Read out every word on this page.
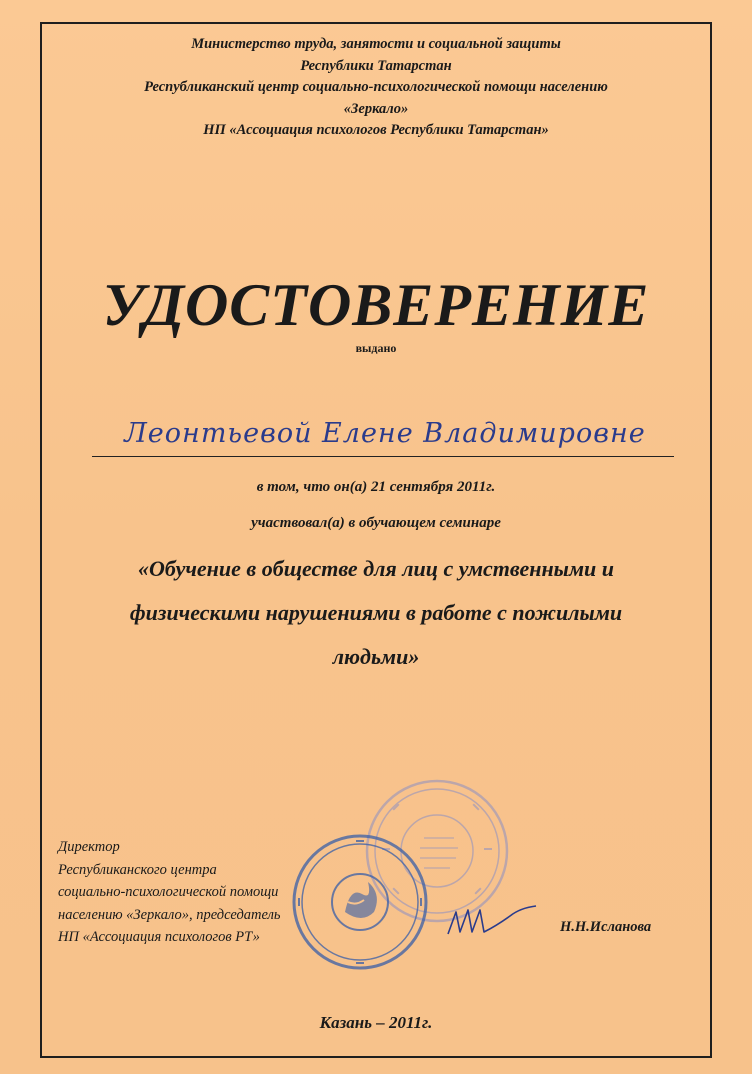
Министерство труда, занятости и социальной защиты
Республики Татарстан
Республиканский центр социально-психологической помощи населению
«Зеркало»
НП «Ассоциация психологов Республики Татарстан»
УДОСТОВЕРЕНИЕ
выдано
Леонтьевой Елене Владимировне
в том, что он(а) 21 сентября 2011г.
участвовал(а) в обучающем семинаре
«Обучение в обществе для лиц с умственными и
физическими нарушениями в работе с пожилыми
людьми»
Директор
Республиканского центра
социально-психологической помощи
населению «Зеркало», председатель
НП «Ассоциация психологов РТ»
Н.Н.Исланова
Казань – 2011г.
